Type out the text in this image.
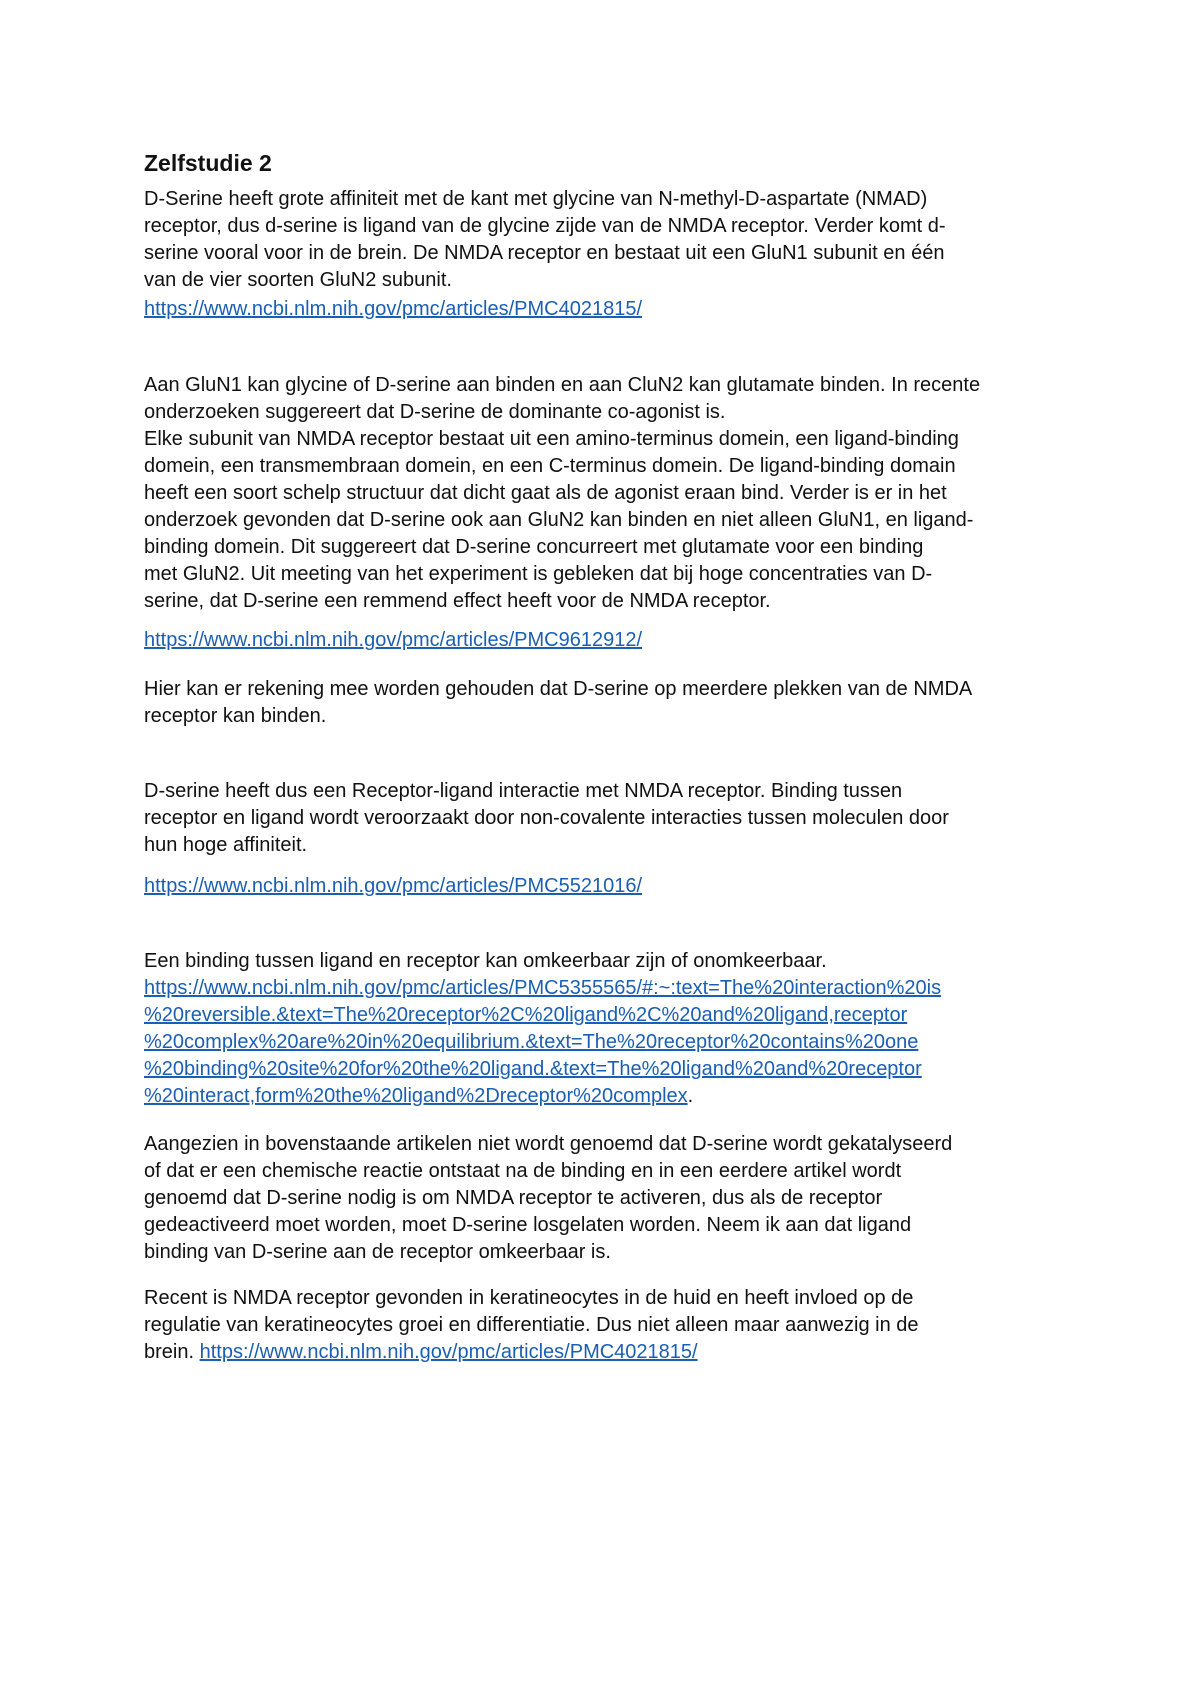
Zelfstudie 2

D-Serine heeft grote affiniteit met de kant met glycine van N-methyl-D-aspartate (NMAD)

receptor, dus d-serine is ligand van de glycine zijde van de NMDA receptor. Verder komt d-

serine vooral voor in de brein. De NMDA receptor en bestaat uit een GluN1 subunit en één

van de vier soorten GluN2 subunit.

https://www.ncbi.nlm.nih.gov/pmc/articles/PMC4021815/

Aan GluN1 kan glycine of D-serine aan binden en aan CluN2 kan glutamate binden. In recente

onderzoeken suggereert dat D-serine de dominante co-agonist is.

Elke subunit van NMDA receptor bestaat uit een amino-terminus domein, een ligand-binding

domein, een transmembraan domein, en een C-terminus domein. De ligand-binding domain

heeft een soort schelp structuur dat dicht gaat als de agonist eraan bind. Verder is er in het

onderzoek gevonden dat D-serine ook aan GluN2 kan binden en niet alleen GluN1, en ligand-

binding domein. Dit suggereert dat D-serine concurreert met glutamate voor een binding

met GluN2. Uit meeting van het experiment is gebleken dat bij hoge concentraties van D-

serine, dat D-serine een remmend effect heeft voor de NMDA receptor.

https://www.ncbi.nlm.nih.gov/pmc/articles/PMC9612912/

Hier kan er rekening mee worden gehouden dat D-serine op meerdere plekken van de NMDA

receptor kan binden.

D-serine heeft dus een Receptor-ligand interactie met NMDA receptor. Binding tussen

receptor en ligand wordt veroorzaakt door non-covalente interacties tussen moleculen door

hun hoge affiniteit.

https://www.ncbi.nlm.nih.gov/pmc/articles/PMC5521016/

Een binding tussen ligand en receptor kan omkeerbaar zijn of onomkeerbaar.

https://www.ncbi.nlm.nih.gov/pmc/articles/PMC5355565/#:~:text=The%20interaction%20is

%20reversible.&text=The%20receptor%2C%20ligand%2C%20and%20ligand,receptor

%20complex%20are%20in%20equilibrium.&text=The%20receptor%20contains%20one

%20binding%20site%20for%20the%20ligand.&text=The%20ligand%20and%20receptor

%20interact,form%20the%20ligand%2Dreceptor%20complex.

Aangezien in bovenstaande artikelen niet wordt genoemd dat D-serine wordt gekatalyseerd

of dat er een chemische reactie ontstaat na de binding en in een eerdere artikel wordt

genoemd dat D-serine nodig is om NMDA receptor te activeren, dus als de receptor

gedeactiveerd moet worden, moet D-serine losgelaten worden. Neem ik aan dat ligand

binding van D-serine aan de receptor omkeerbaar is.

Recent is NMDA receptor gevonden in keratineocytes in de huid en heeft invloed op de

regulatie van keratineocytes groei en differentiatie. Dus niet alleen maar aanwezig in de

brein. https://www.ncbi.nlm.nih.gov/pmc/articles/PMC4021815/
